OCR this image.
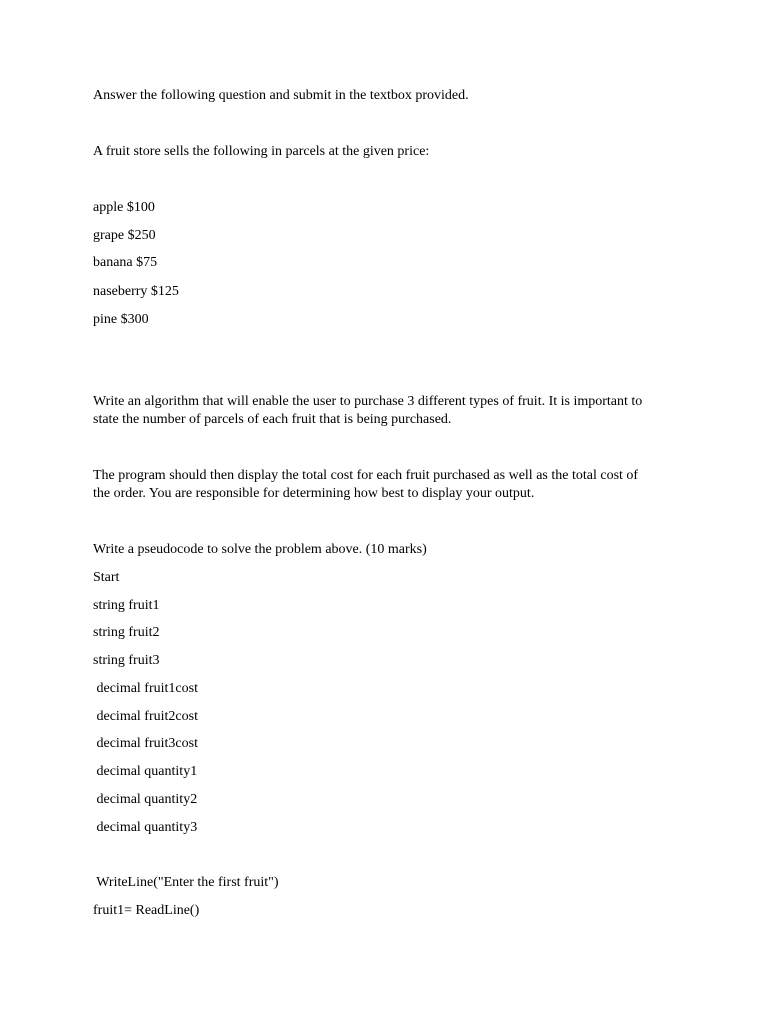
Answer the following question and submit in the textbox provided.
A fruit store sells the following in parcels at the given price:
apple $100
grape $250
banana $75
naseberry $125
pine $300
Write an algorithm that will enable the user to purchase 3 different types of fruit. It is important to state the number of parcels of each fruit that is being purchased.
The program should then display the total cost for each fruit purchased as well as the total cost of the order. You are responsible for determining how best to display your output.
Write a pseudocode to solve the problem above. (10 marks)
Start
string fruit1
string fruit2
string fruit3
decimal fruit1cost
decimal fruit2cost
decimal fruit3cost
decimal quantity1
decimal quantity2
decimal quantity3
WriteLine("Enter the first fruit")
fruit1= ReadLine()
